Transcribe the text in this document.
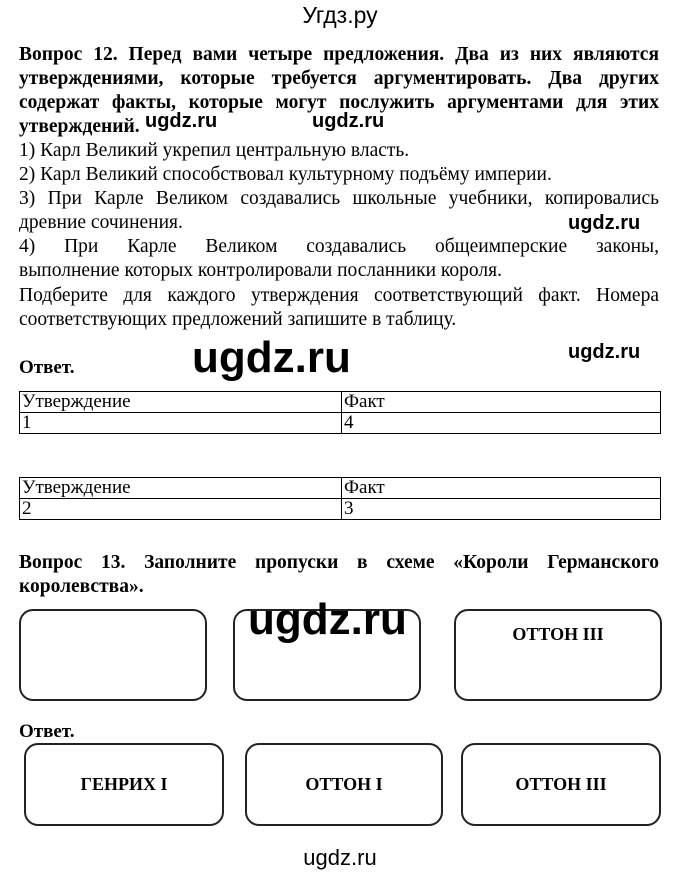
Угдз.ру
Вопрос 12. Перед вами четыре предложения. Два из них являются
утверждениями, которые требуется аргументировать. Два других
содержат факты, которые могут послужить аргументами для этих
утверждений. ugdz.ru	ugdz.ru
1) Карл Великий укрепил центральную власть.
2) Карл Великий способствовал культурному подъёму империи.
3) При Карле Великом создавались школьные учебники, копировались
древние сочинения.	ugdz.ru
4) При Карле Великом создавались общеимперские законы,
выполнение которых контролировали посланники короля.
Подберите для каждого утверждения соответствующий факт. Номера
соответствующих предложений запишите в таблицу.
Ответ.	ugdz.ru	ugdz.ru
Утверждение	Факт
1	4
Утверждение	Факт
2	3
Вопрос 13. Заполните пропуски в схеме «Короли Германского
королевства».
ОТТОН III
ugdz.ru
Ответ.
ГЕНРИХ I	ОТТОН I	ОТТОН III
ugdz.ru
